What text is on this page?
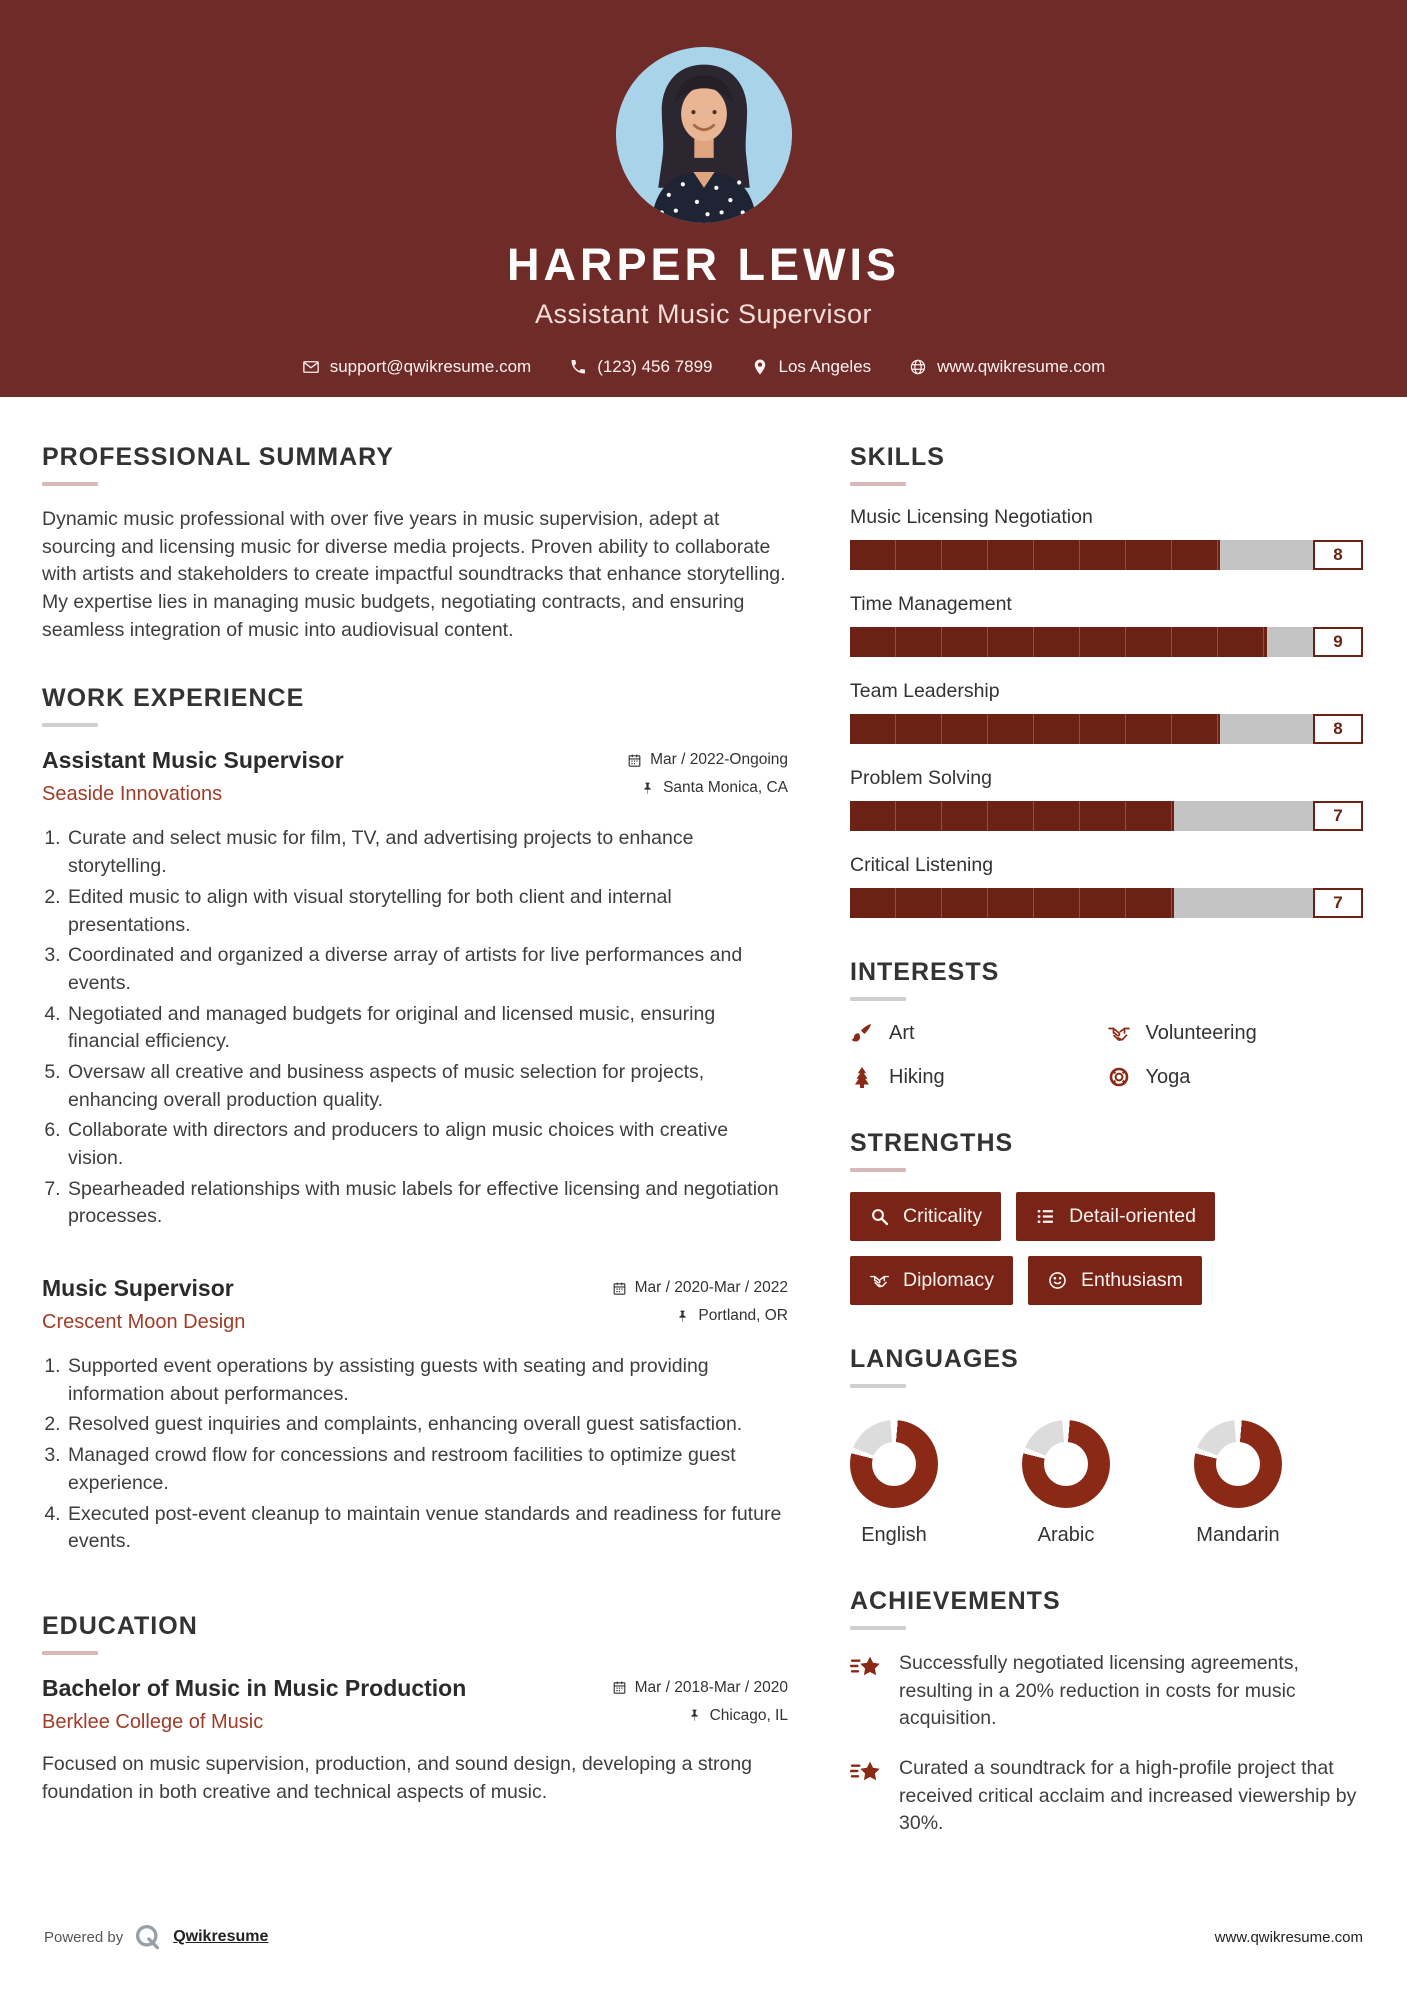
HARPER LEWIS
Assistant Music Supervisor
support@qwikresume.com	(123) 456 7899	Los Angeles	www.qwikresume.com
PROFESSIONAL SUMMARY

Dynamic music professional with over five years in music supervision, adept at sourcing and licensing music for diverse media projects. Proven ability to collaborate with artists and stakeholders to create impactful soundtracks that enhance storytelling. My expertise lies in managing music budgets, negotiating contracts, and ensuring seamless integration of music into audiovisual content.

WORK EXPERIENCE
Assistant Music Supervisor
Seaside Innovations
Mar / 2022-Ongoing
Santa Monica, CA
1. Curate and select music for film, TV, and advertising projects to enhance storytelling.
2. Edited music to align with visual storytelling for both client and internal presentations.
3. Coordinated and organized a diverse array of artists for live performances and events.
4. Negotiated and managed budgets for original and licensed music, ensuring financial efficiency.
5. Oversaw all creative and business aspects of music selection for projects, enhancing overall production quality.
6. Collaborate with directors and producers to align music choices with creative vision.
7. Spearheaded relationships with music labels for effective licensing and negotiation processes.
Music Supervisor
Crescent Moon Design
Mar / 2020-Mar / 2022
Portland, OR
1. Supported event operations by assisting guests with seating and providing information about performances.
2. Resolved guest inquiries and complaints, enhancing overall guest satisfaction.
3. Managed crowd flow for concessions and restroom facilities to optimize guest experience.
4. Executed post-event cleanup to maintain venue standards and readiness for future events.
EDUCATION
Bachelor of Music in Music Production
Berklee College of Music
Mar / 2018-Mar / 2020
Chicago, IL

Focused on music supervision, production, and sound design, developing a strong foundation in both creative and technical aspects of music.

SKILLS
Music Licensing Negotiation
8
Time Management
9
Team Leadership
8
Problem Solving
7
Critical Listening
7
INTERESTS
Art	Volunteering
Hiking	Yoga
STRENGTHS
Criticality	Detail-oriented
Diplomacy	Enthusiasm
LANGUAGES
English	Arabic	Mandarin
ACHIEVEMENTS
Successfully negotiated licensing agreements, resulting in a 20% reduction in costs for music acquisition.
Curated a soundtrack for a high-profile project that received critical acclaim and increased viewership by 30%.
Powered by	Qwikresume	www.qwikresume.com
